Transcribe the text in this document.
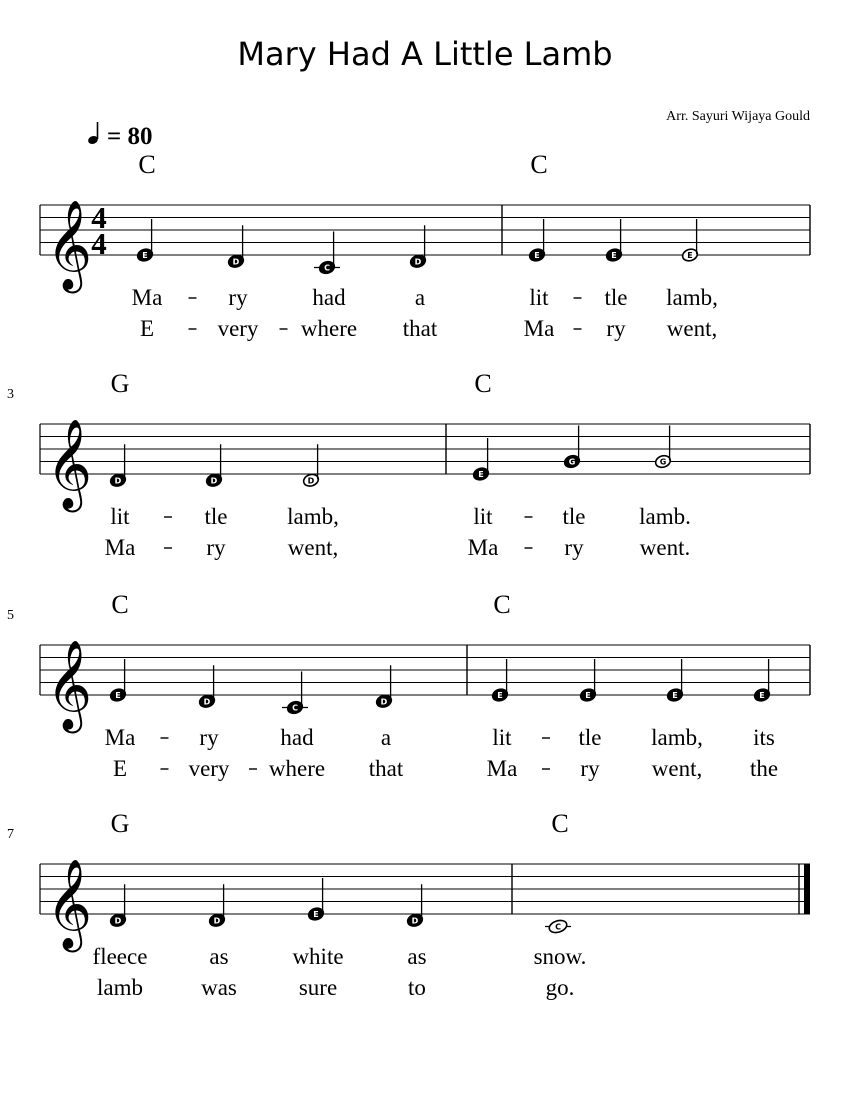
Mary Had A Little Lamb
Arr. Sayuri Wijaya Gould
= 80
𝄞 4
4
C
E
Ma
E
D
ry
very
C
had
where
D
a
that
C
E
lit
Ma
E
tle
ry
E
lamb,
went,
3
𝄞
G
D
lit
Ma
D
tle
ry
D
lamb,
went,
C
E
lit
Ma
G
tle
ry
G
lamb.
went.
5
𝄞
C
E
Ma
E
D
ry
very
C
had
where
D
a
that
C
E
lit
Ma
E
tle
ry
E
lamb,
went,
E
its
the
7
𝄞
G
D
fleece
lamb
D
as
was
E
white
sure
D
as
to
C
C
snow.
go.
